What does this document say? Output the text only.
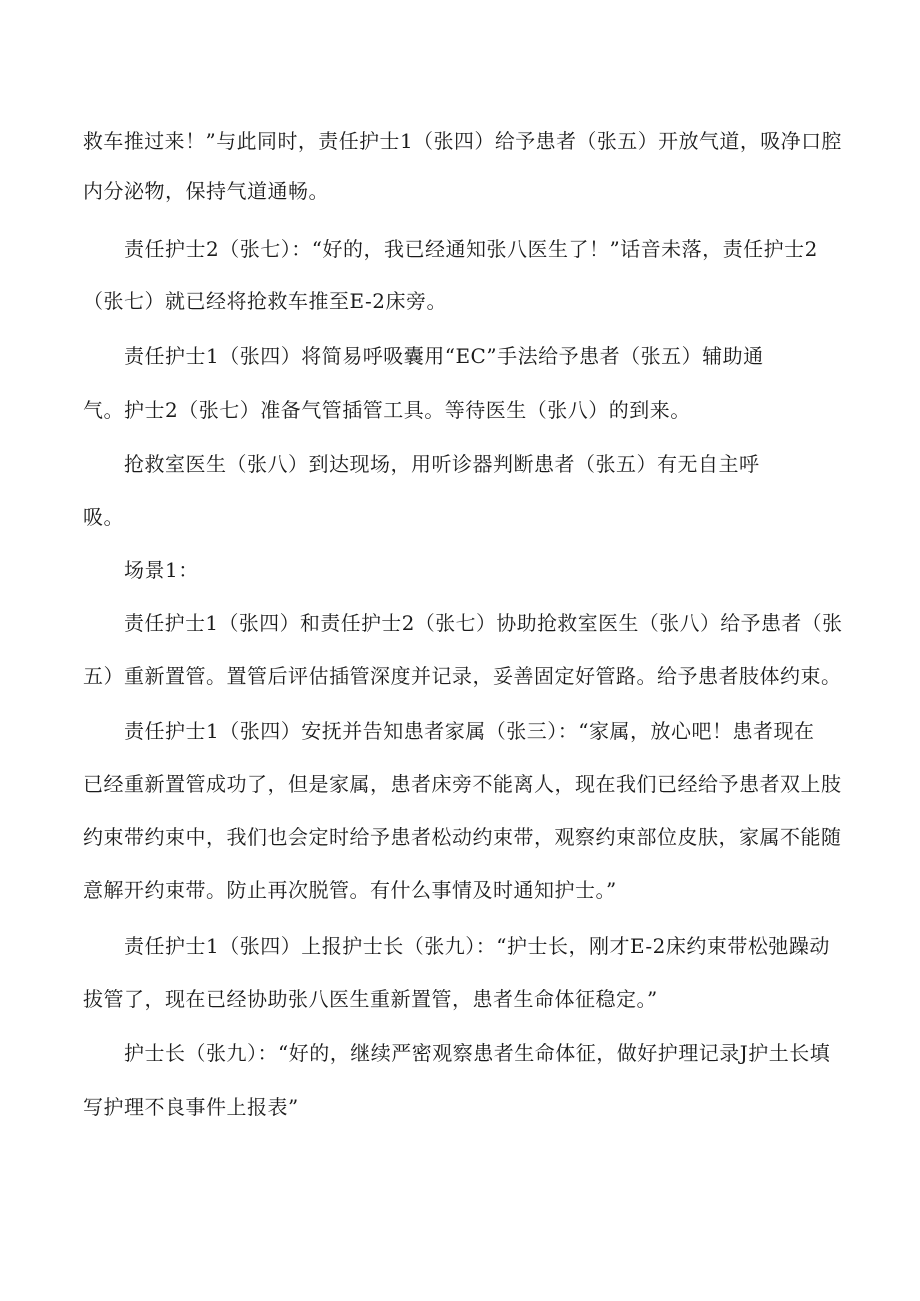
救车推过来！”与此同时，责任护士1（张四）给予患者（张五）开放气道，吸净口腔
内分泌物，保持气道通畅。
责任护士2（张七）：“好的，我已经通知张八医生了！”话音未落，责任护士2
（张七）就已经将抢救车推至E-2床旁。
责任护士1（张四）将简易呼吸囊用“EC”手法给予患者（张五）辅助通
气。护士2（张七）准备气管插管工具。等待医生（张八）的到来。
抢救室医生（张八）到达现场，用听诊器判断患者（张五）有无自主呼
吸。
场景1：
责任护士1（张四）和责任护士2（张七）协助抢救室医生（张八）给予患者（张
五）重新置管。置管后评估插管深度并记录，妥善固定好管路。给予患者肢体约束。
责任护士1（张四）安抚并告知患者家属（张三）：“家属，放心吧！患者现在
已经重新置管成功了，但是家属，患者床旁不能离人，现在我们已经给予患者双上肢
约束带约束中，我们也会定时给予患者松动约束带，观察约束部位皮肤，家属不能随
意解开约束带。防止再次脱管。有什么事情及时通知护士。”
责任护士1（张四）上报护士长（张九）：“护士长，刚才E-2床约束带松弛躁动
拔管了，现在已经协助张八医生重新置管，患者生命体征稳定。”
护士长（张九）：“好的，继续严密观察患者生命体征，做好护理记录J护土长填
写护理不良事件上报表”
